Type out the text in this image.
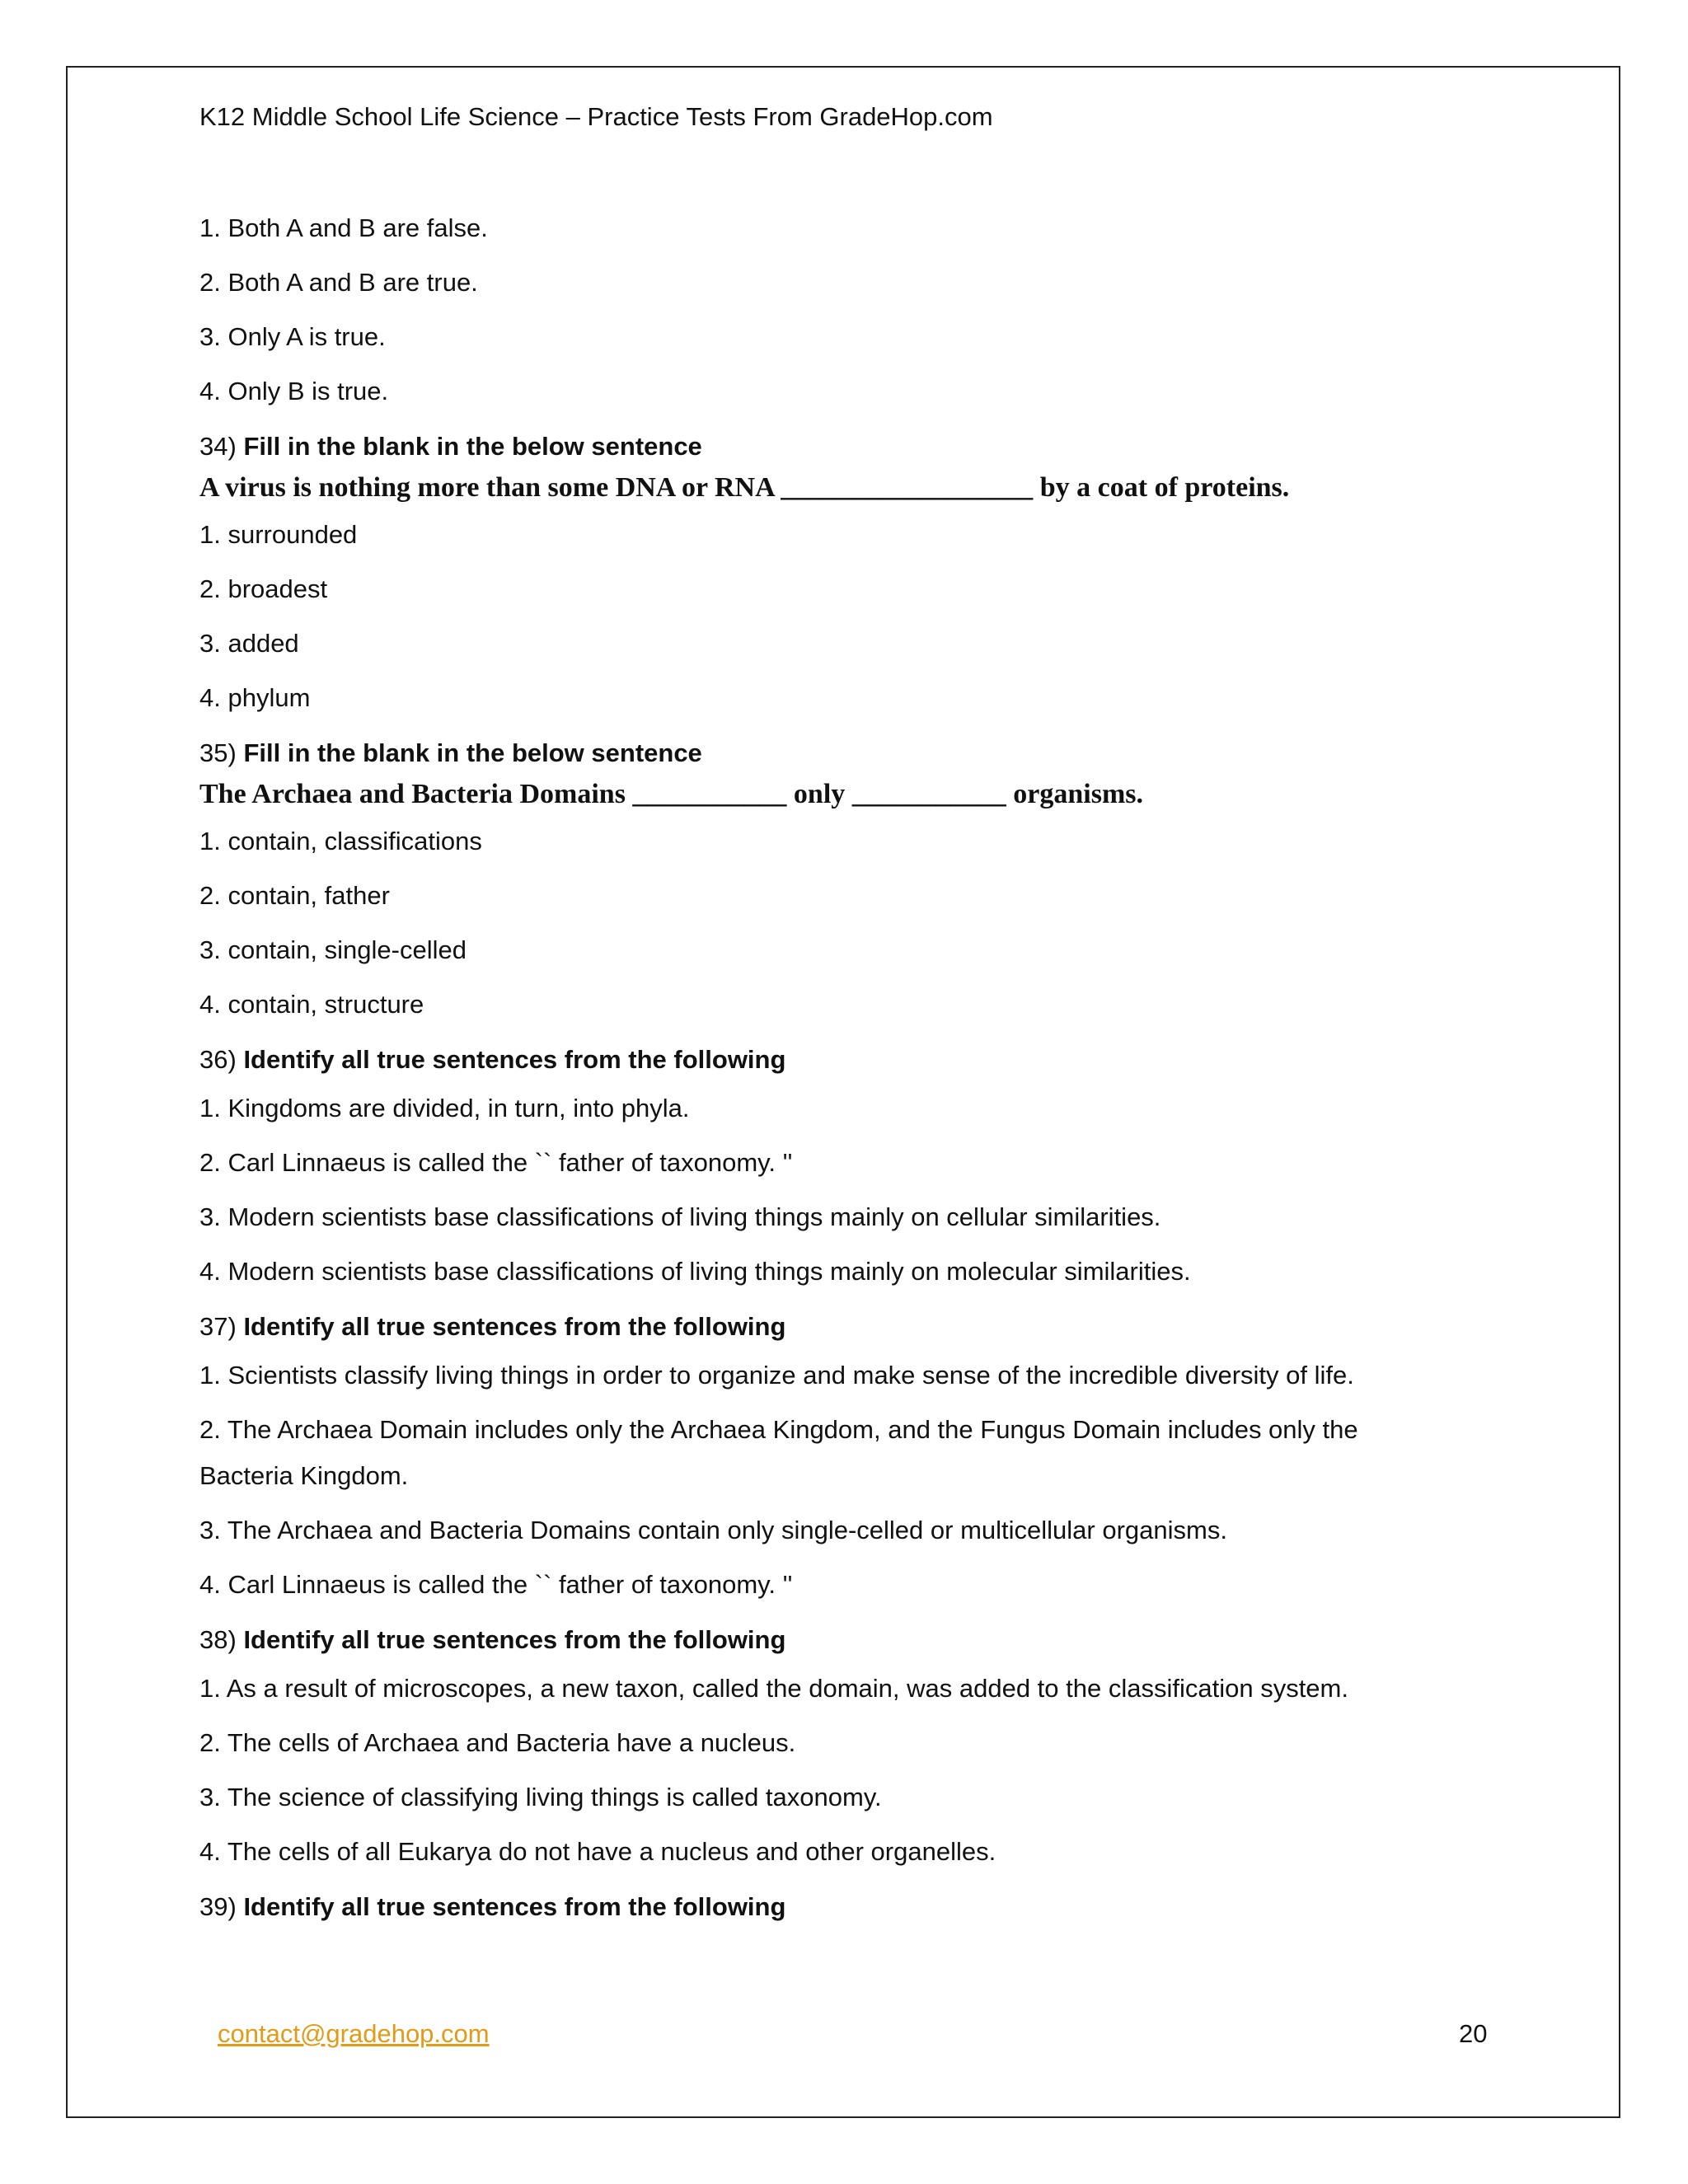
K12 Middle School Life Science – Practice Tests From GradeHop.com
1. Both A and B are false.
2. Both A and B are true.
3. Only A is true.
4. Only B is true.
34) Fill in the blank in the below sentence
A virus is nothing more than some DNA or RNA __________________ by a coat of proteins.
1. surrounded
2. broadest
3. added
4. phylum
35) Fill in the blank in the below sentence
The Archaea and Bacteria Domains ___________ only ___________ organisms.
1. contain, classifications
2. contain, father
3. contain, single-celled
4. contain, structure
36) Identify all true sentences from the following
1. Kingdoms are divided, in turn, into phyla.
2. Carl Linnaeus is called the `` father of taxonomy. ''
3. Modern scientists base classifications of living things mainly on cellular similarities.
4. Modern scientists base classifications of living things mainly on molecular similarities.
37) Identify all true sentences from the following
1. Scientists classify living things in order to organize and make sense of the incredible diversity of life.
2. The Archaea Domain includes only the Archaea Kingdom, and the Fungus Domain includes only the
Bacteria Kingdom.
3. The Archaea and Bacteria Domains contain only single-celled or multicellular organisms.
4. Carl Linnaeus is called the `` father of taxonomy. ''
38) Identify all true sentences from the following
1. As a result of microscopes, a new taxon, called the domain, was added to the classification system.
2. The cells of Archaea and Bacteria have a nucleus.
3. The science of classifying living things is called taxonomy.
4. The cells of all Eukarya do not have a nucleus and other organelles.
39) Identify all true sentences from the following
contact@gradehop.com	20
